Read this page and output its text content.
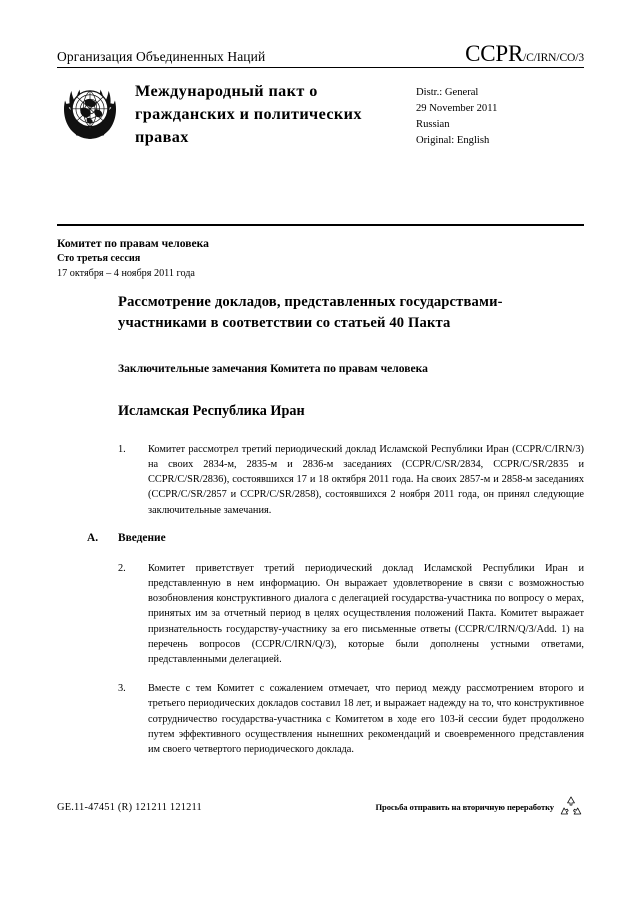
Организация Объединенных Наций	CCPR/C/IRN/CO/3
Международный пакт о гражданских и политических правах
Distr.: General
29 November 2011
Russian
Original: English
Комитет по правам человека
Сто третья сессия
17 октября – 4 ноября 2011 года
Рассмотрение докладов, представленных государствами-участниками в соответствии со статьей 40 Пакта
Заключительные замечания Комитета по правам человека
Исламская Республика Иран
1. Комитет рассмотрел третий периодический доклад Исламской Республики Иран (CCPR/C/IRN/3) на своих 2834-м, 2835-м и 2836-м заседаниях (CCPR/C/SR/2834, CCPR/C/SR/2835 и CCPR/C/SR/2836), состоявшихся 17 и 18 октября 2011 года. На своих 2857-м и 2858-м заседаниях (CCPR/C/SR/2857 и CCPR/C/SR/2858), состоявшихся 2 ноября 2011 года, он принял следующие заключительные замечания.
A. Введение
2. Комитет приветствует третий периодический доклад Исламской Республики Иран и представленную в нем информацию. Он выражает удовлетворение в связи с возможностью возобновления конструктивного диалога с делегацией государства-участника по вопросу о мерах, принятых им за отчетный период в целях осуществления положений Пакта. Комитет выражает признательность государству-участнику за его письменные ответы (CCPR/C/IRN/Q/3/Add. 1) на перечень вопросов (CCPR/C/IRN/Q/3), которые были дополнены устными ответами, представленными делегацией.
3. Вместе с тем Комитет с сожалением отмечает, что период между рассмотрением второго и третьего периодических докладов составил 18 лет, и выражает надежду на то, что конструктивное сотрудничество государства-участника с Комитетом в ходе его 103-й сессии будет продолжено путем эффективного осуществления нынешних рекомендаций и своевременного представления им своего четвертого периодического доклада.
GE.11-47451 (R) 121211 121211	Просьба отправить на вторичную переработку
